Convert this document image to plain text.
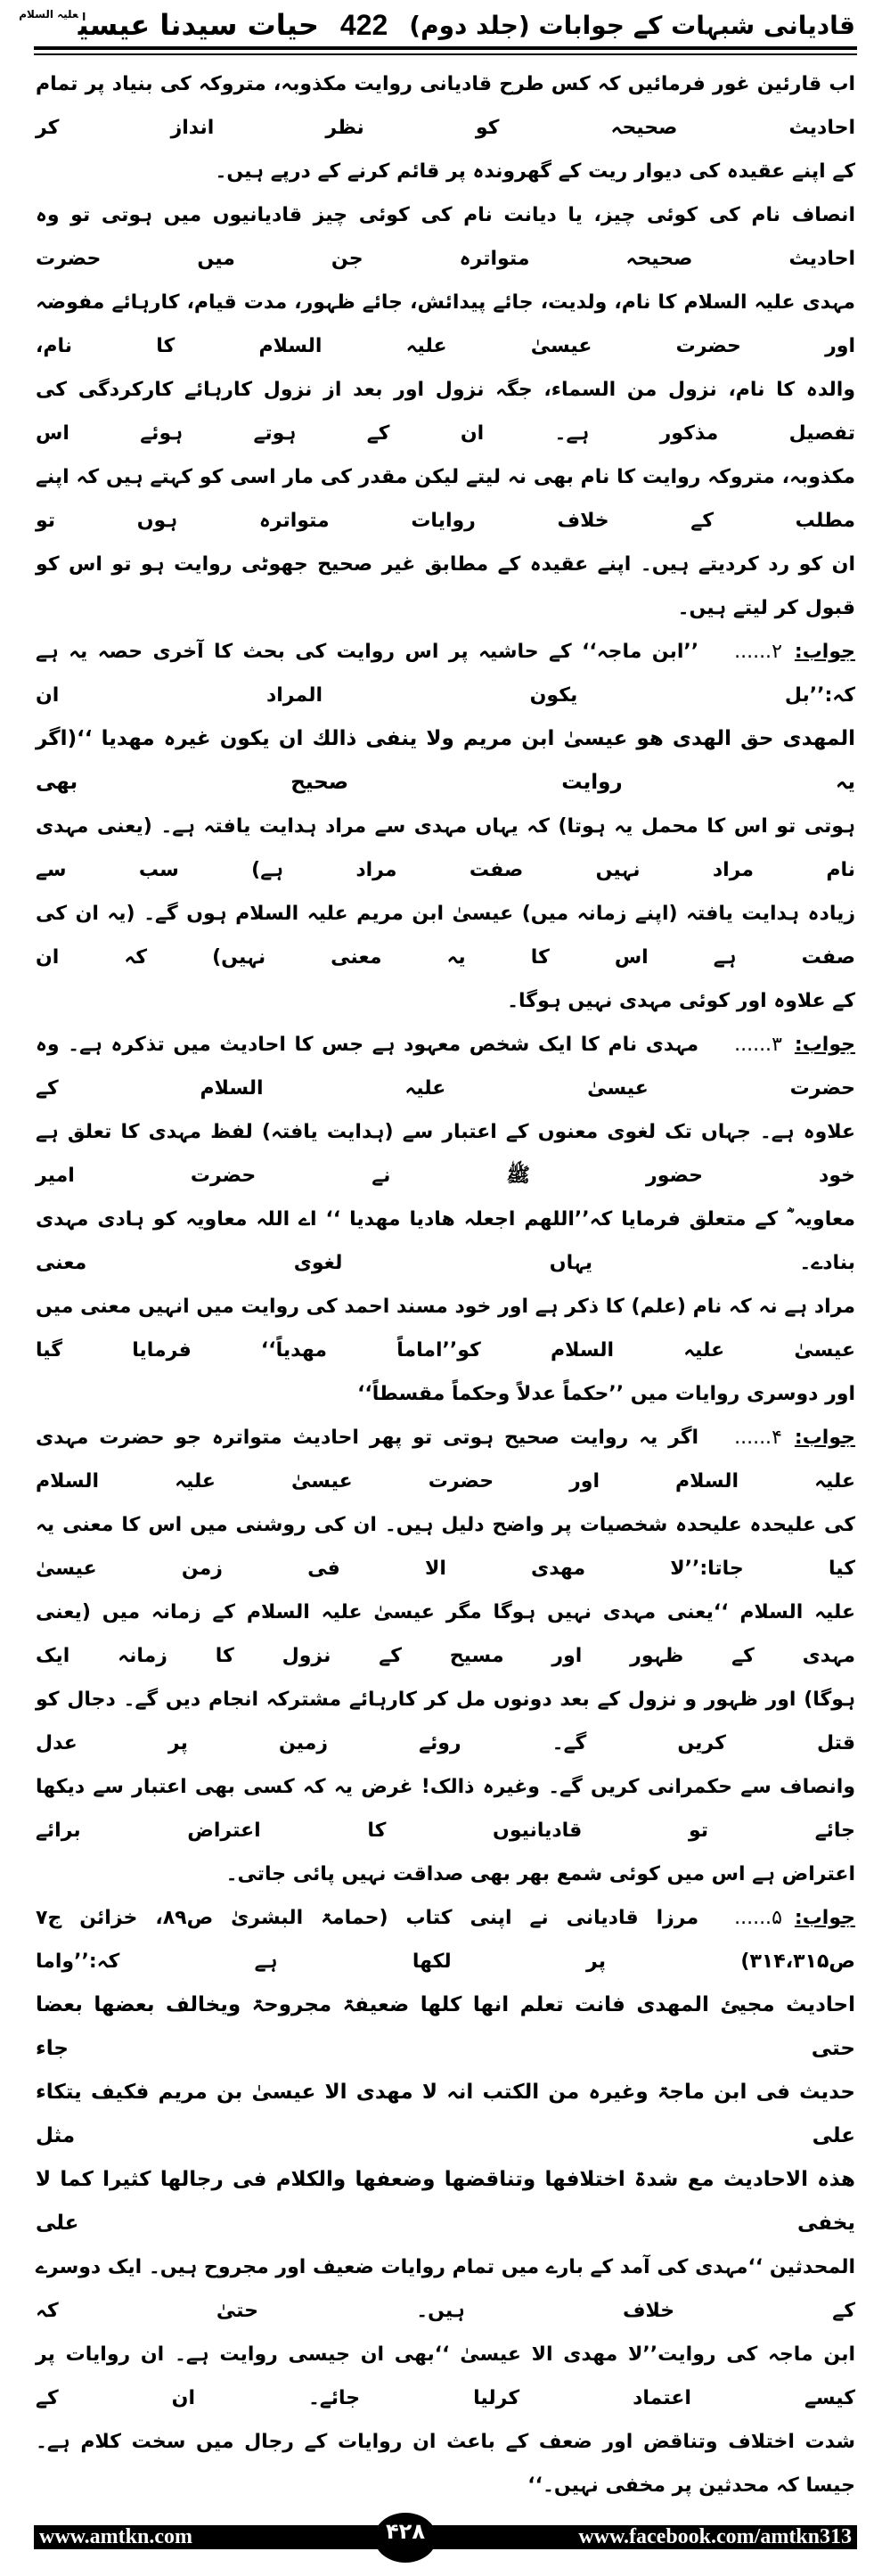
قادیانی شبہات کے جوابات (جلد دوم)
422
حیات سیدنا عیسیٰ$^{علیہ السلام}$
اب قارئین غور فرمائیں کہ کس طرح قادیانی روایت مکذوبہ، متروکہ کی بنیاد پر تمام احادیث صحیحہ کو نظر انداز کر
کے اپنے عقیدہ کی دیوار ریت کے گھروندہ پر قائم کرنے کے درپے ہیں۔
انصاف نام کی کوئی چیز، یا دیانت نام کی کوئی چیز قادیانیوں میں ہوتی تو وہ احادیث صحیحہ متواترہ جن میں حضرت
مہدی علیہ السلام کا نام، ولدیت، جائے پیدائش، جائے ظہور، مدت قیام، کارہائے مفوضہ اور حضرت عیسیٰ علیہ السلام کا نام،
والدہ کا نام، نزول من السماء، جگہ نزول اور بعد از نزول کارہائے کارکردگی کی تفصیل مذکور ہے۔ ان کے ہوتے ہوئے اس
مکذوبہ، متروکہ روایت کا نام بھی نہ لیتے لیکن مقدر کی مار اسی کو کہتے ہیں کہ اپنے مطلب کے خلاف روایات متواترہ ہوں تو
ان کو رد کردیتے ہیں۔ اپنے عقیدہ کے مطابق غیر صحیح جھوٹی روایت ہو تو اس کو قبول کر لیتے ہیں۔
جواب:۲......’’ابن ماجہ‘‘ کے حاشیہ پر اس روایت کی بحث کا آخری حصہ یہ ہے کہ:’’بل یکون المراد ان
المھدی حق الھدی ھو عیسیٰ ابن مریم ولا ینفی ذالك ان یکون غیرہ مھدیا ‘‘(اگر یہ روایت صحیح بھی
ہوتی تو اس کا محمل یہ ہوتا) کہ یہاں مہدی سے مراد ہدایت یافتہ ہے۔ (یعنی مہدی نام مراد نہیں صفت مراد ہے) سب سے
زیادہ ہدایت یافتہ (اپنے زمانہ میں) عیسیٰ ابن مریم علیہ السلام ہوں گے۔ (یہ ان کی صفت ہے اس کا یہ معنی نہیں) کہ ان
کے علاوہ اور کوئی مہدی نہیں ہوگا۔
جواب:۳......مہدی نام کا ایک شخص معہود ہے جس کا احادیث میں تذکرہ ہے۔ وہ حضرت عیسیٰ علیہ السلام کے
علاوہ ہے۔ جہاں تک لغوی معنوں کے اعتبار سے (ہدایت یافتہ) لفظ مہدی کا تعلق ہے خود حضور ﷺ نے حضرت امیر
معاویہ ؓ کے متعلق فرمایا کہ’’اللھم اجعلہ ھادیا مھدیا ‘‘ اے اللہ معاویہ کو ہادی مہدی بنادے۔ یہاں لغوی معنی
مراد ہے نہ کہ نام (علم) کا ذکر ہے اور خود مسند احمد کی روایت میں انہیں معنی میں عیسیٰ علیہ السلام کو’’اماماً مھدیاً‘‘ فرمایا گیا
اور دوسری روایات میں ’’حکماً عدلاً وحکماً مقسطاً‘‘
جواب:۴......اگر یہ روایت صحیح ہوتی تو پھر احادیث متواترہ جو حضرت مہدی علیہ السلام اور حضرت عیسیٰ علیہ السلام
کی علیحدہ علیحدہ شخصیات پر واضح دلیل ہیں۔ ان کی روشنی میں اس کا معنی یہ کیا جاتا:’’لا مھدی الا فی زمن عیسیٰ
علیہ السلام ‘‘یعنی مہدی نہیں ہوگا مگر عیسیٰ علیہ السلام کے زمانہ میں (یعنی مہدی کے ظہور اور مسیح کے نزول کا زمانہ ایک
ہوگا) اور ظہور و نزول کے بعد دونوں مل کر کارہائے مشترکہ انجام دیں گے۔ دجال کو قتل کریں گے۔ روئے زمین پر عدل
وانصاف سے حکمرانی کریں گے۔ وغیرہ ذالک! غرض یہ کہ کسی بھی اعتبار سے دیکھا جائے تو قادیانیوں کا اعتراض برائے
اعتراض ہے اس میں کوئی شمع بھر بھی صداقت نہیں پائی جاتی۔
جواب:۵......مرزا قادیانی نے اپنی کتاب (حمامۃ البشریٰ ص۸۹، خزائن ج۷ ص۳۱۴،۳۱۵) پر لکھا ہے کہ:’’واما
احادیث مجیئ المھدی فانت تعلم انھا کلھا ضعیفۃ مجروحۃ ویخالف بعضھا بعضا حتی جاء
حدیث فی ابن ماجۃ وغیرہ من الکتب انہ لا مھدی الا عیسیٰ بن مریم فکیف یتکاء علی مثل
ھذہ الاحادیث مع شدۃ اختلافھا وتناقضھا وضعفھا والکلام فی رجالھا کثیرا کما لا یخفی علی
المحدثین ‘‘مہدی کی آمد کے بارے میں تمام روایات ضعیف اور مجروح ہیں۔ ایک دوسرے کے خلاف ہیں۔ حتیٰ کہ
ابن ماجہ کی روایت’’لا مھدی الا عیسیٰ ‘‘بھی ان جیسی روایت ہے۔ ان روایات پر کیسے اعتماد کرلیا جائے۔ ان کے
شدت اختلاف وتناقض اور ضعف کے باعث ان روایات کے رجال میں سخت کلام ہے۔ جیسا کہ محدثین پر مخفی نہیں۔‘‘
www.amtkn.com	۴۲۸	www.facebook.com/amtkn313
